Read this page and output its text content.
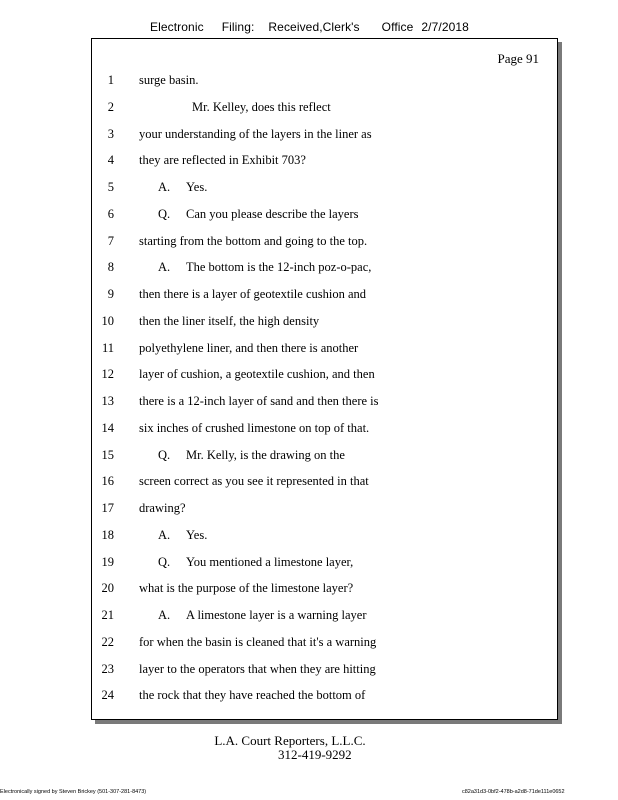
Electronic Filing: Received,Clerk's Office 2/7/2018
Page 91
1 surge basin.
2	Mr. Kelley, does this reflect
3 your understanding of the layers in the liner as
4 they are reflected in Exhibit 703?
5	A. Yes.
6	Q. Can you please describe the layers
7 starting from the bottom and going to the top.
8	A. The bottom is the 12-inch poz-o-pac,
9 then there is a layer of geotextile cushion and
10 then the liner itself, the high density
11 polyethylene liner, and then there is another
12 layer of cushion, a geotextile cushion, and then
13 there is a 12-inch layer of sand and then there is
14 six inches of crushed limestone on top of that.
15	Q. Mr. Kelly, is the drawing on the
16 screen correct as you see it represented in that
17 drawing?
18	A. Yes.
19	Q. You mentioned a limestone layer,
20 what is the purpose of the limestone layer?
21	A. A limestone layer is a warning layer
22 for when the basin is cleaned that it's a warning
23 layer to the operators that when they are hitting
24 the rock that they have reached the bottom of
L.A. Court Reporters, L.L.C.
312-419-9292
Electronically signed by Steven Brickey (501-307-281-8473)	c82a31d3-0bf2-478b-a2d8-71de111e0652
